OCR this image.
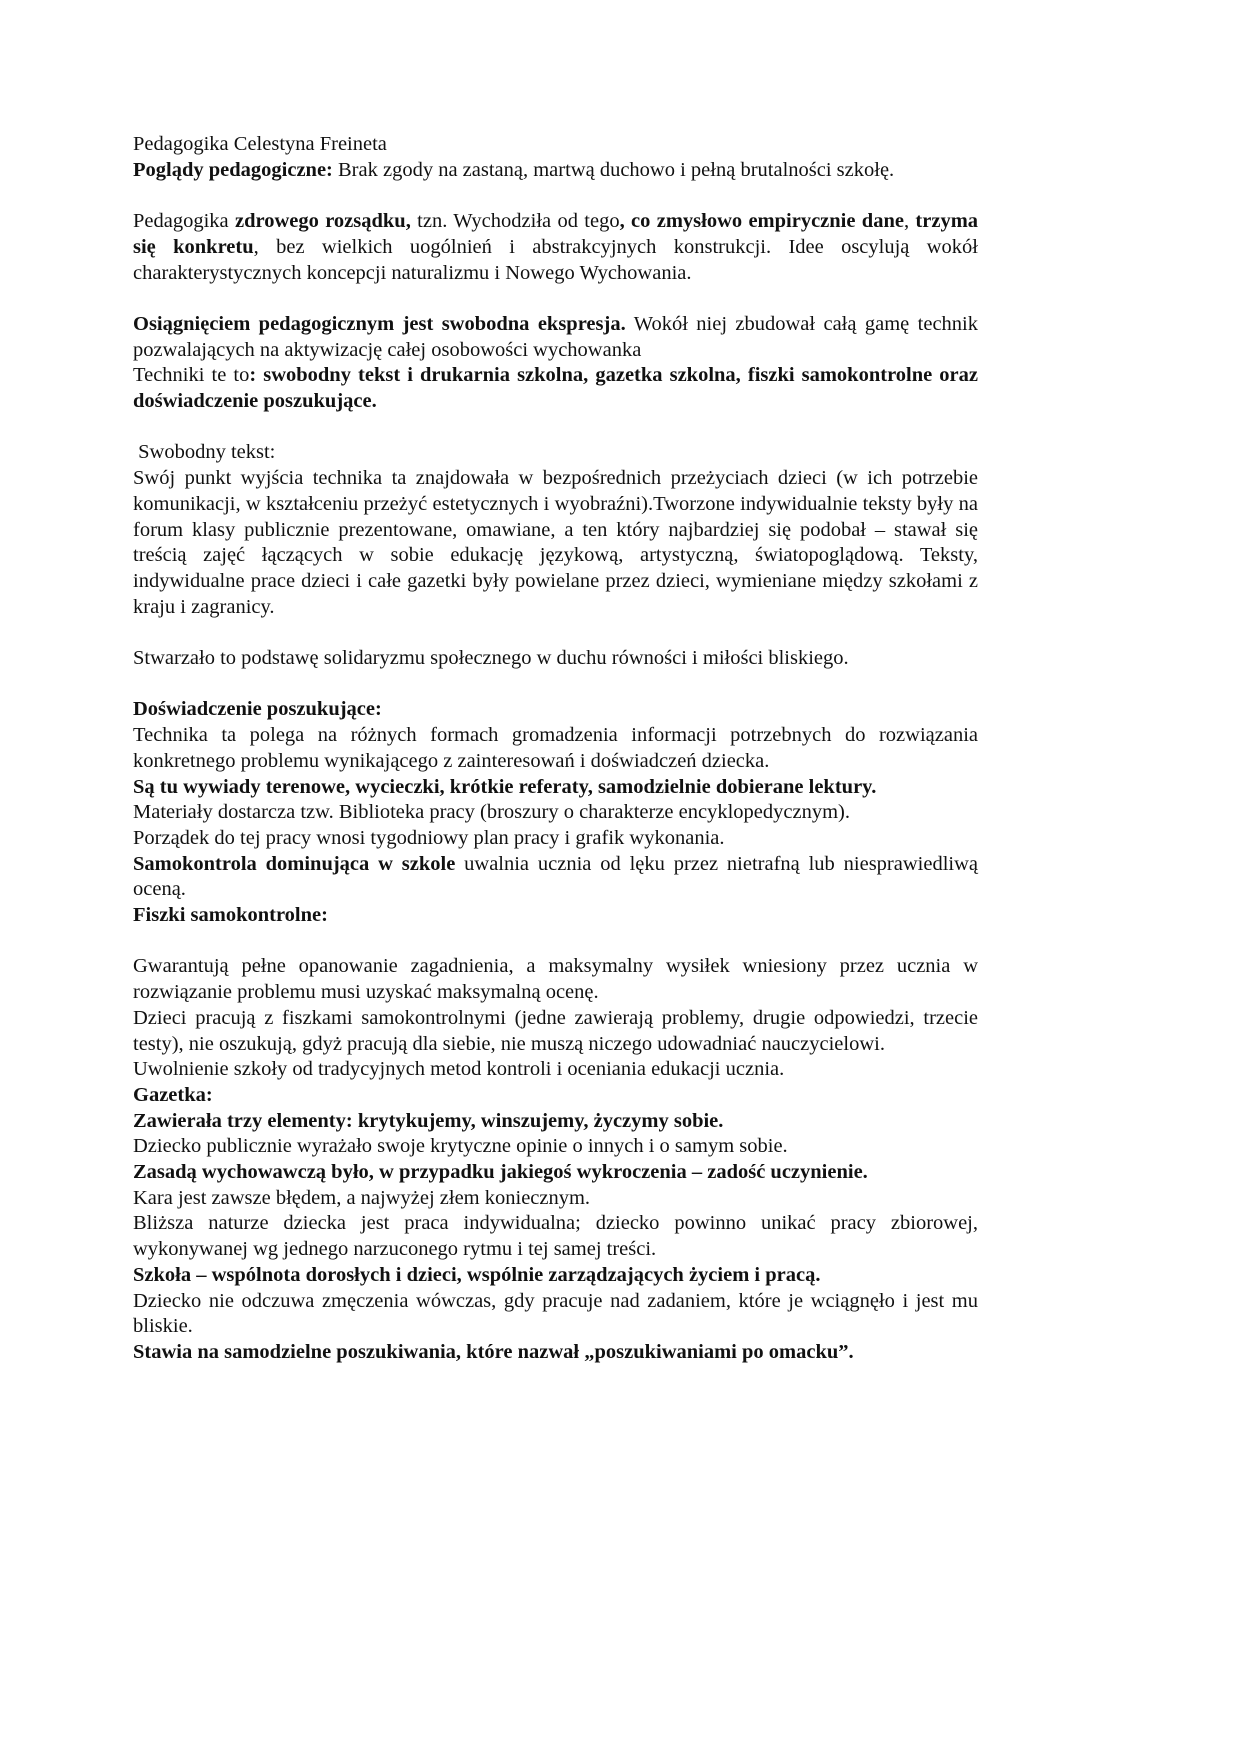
Pedagogika Celestyna Freineta

Poglądy pedagogiczne: Brak zgody na zastaną, martwą duchowo i pełną brutalności szkołę.

Pedagogika zdrowego rozsądku, tzn. Wychodziła od tego, co zmysłowo empirycznie dane, trzyma się konkretu, bez wielkich uogólnień i abstrakcyjnych konstrukcji. Idee oscylują wokół charakterystycznych koncepcji naturalizmu i Nowego Wychowania.

Osiągnięciem pedagogicznym jest swobodna ekspresja. Wokół niej zbudował całą gamę technik pozwalających na aktywizację całej osobowości wychowanka

Techniki te to: swobodny tekst i drukarnia szkolna, gazetka szkolna, fiszki samokontrolne oraz doświadczenie poszukujące.

Swobodny tekst:

Swój punkt wyjścia technika ta znajdowała w bezpośrednich przeżyciach dzieci (w ich potrzebie komunikacji, w kształceniu przeżyć estetycznych i wyobraźni).Tworzone indywidualnie teksty były na forum klasy publicznie prezentowane, omawiane, a ten który najbardziej się podobał – stawał się treścią zajęć łączących w sobie edukację językową, artystyczną, światopoglądową. Teksty, indywidualne prace dzieci i całe gazetki były powielane przez dzieci, wymieniane między szkołami z kraju i zagranicy.

Stwarzało to podstawę solidaryzmu społecznego w duchu równości i miłości bliskiego.

Doświadczenie poszukujące:

Technika ta polega na różnych formach gromadzenia informacji potrzebnych do rozwiązania konkretnego problemu wynikającego z zainteresowań i doświadczeń dziecka.

Są tu wywiady terenowe, wycieczki, krótkie referaty, samodzielnie dobierane lektury.

Materiały dostarcza tzw. Biblioteka pracy (broszury o charakterze encyklopedycznym).

Porządek do tej pracy wnosi tygodniowy plan pracy i grafik wykonania.

Samokontrola dominująca w szkole uwalnia ucznia od lęku przez nietrafną lub niesprawiedliwą oceną.

Fiszki samokontrolne:

Gwarantują pełne opanowanie zagadnienia, a maksymalny wysiłek wniesiony przez ucznia w rozwiązanie problemu musi uzyskać maksymalną ocenę.

Dzieci pracują z fiszkami samokontrolnymi (jedne zawierają problemy, drugie odpowiedzi, trzecie testy), nie oszukują, gdyż pracują dla siebie, nie muszą niczego udowadniać nauczycielowi.

Uwolnienie szkoły od tradycyjnych metod kontroli i oceniania edukacji ucznia.

Gazetka:

Zawierała trzy elementy: krytykujemy, winszujemy, życzymy sobie.

Dziecko publicznie wyrażało swoje krytyczne opinie o innych i o samym sobie.

Zasadą wychowawczą było, w przypadku jakiegoś wykroczenia – zadość uczynienie.

Kara jest zawsze błędem, a najwyżej złem koniecznym.

Bliższa naturze dziecka jest praca indywidualna; dziecko powinno unikać pracy zbiorowej, wykonywanej wg jednego narzuconego rytmu i tej samej treści.

Szkoła – wspólnota dorosłych i dzieci, wspólnie zarządzających życiem i pracą.

Dziecko nie odczuwa zmęczenia wówczas, gdy pracuje nad zadaniem, które je wciągnęło i jest mu bliskie.

Stawia na samodzielne poszukiwania, które nazwał „poszukiwaniami po omacku”.
